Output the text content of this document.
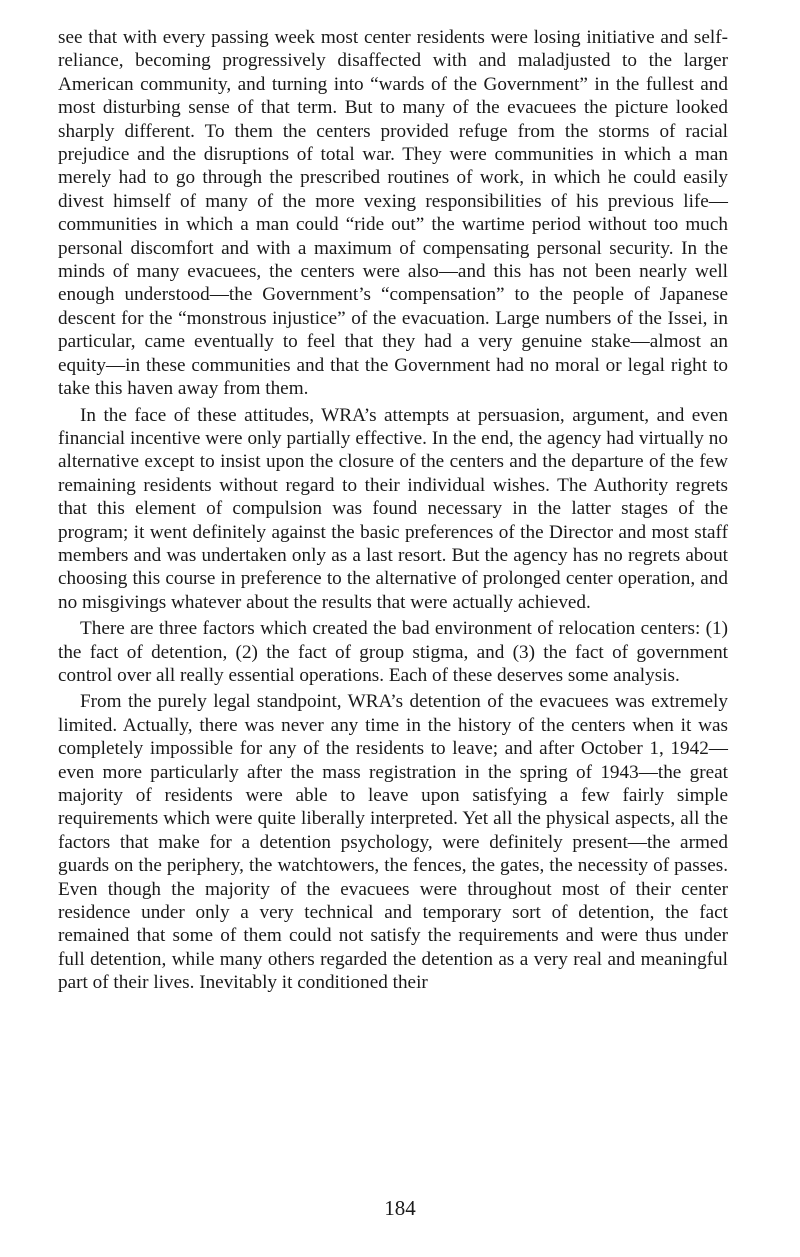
see that with every passing week most center residents were losing initiative and self-reliance, becoming progressively disaffected with and maladjusted to the larger American community, and turning into “wards of the Government” in the fullest and most disturbing sense of that term. But to many of the evacuees the picture looked sharply different. To them the centers provided refuge from the storms of racial prejudice and the disruptions of total war. They were communities in which a man merely had to go through the prescribed routines of work, in which he could easily divest himself of many of the more vexing responsibilities of his previous life—communities in which a man could “ride out” the wartime period without too much personal discomfort and with a maximum of compensating personal security. In the minds of many evacuees, the centers were also—and this has not been nearly well enough understood—the Government’s “compensation” to the people of Japanese descent for the “monstrous injustice” of the evacuation. Large numbers of the Issei, in particular, came eventually to feel that they had a very genuine stake—almost an equity—in these communities and that the Government had no moral or legal right to take this haven away from them.

In the face of these attitudes, WRA’s attempts at persuasion, argument, and even financial incentive were only partially effective. In the end, the agency had virtually no alternative except to insist upon the closure of the centers and the departure of the few remaining residents without regard to their individual wishes. The Authority regrets that this element of compulsion was found necessary in the latter stages of the program; it went definitely against the basic preferences of the Director and most staff members and was undertaken only as a last resort. But the agency has no regrets about choosing this course in preference to the alternative of prolonged center operation, and no misgivings whatever about the results that were actually achieved.

There are three factors which created the bad environment of relocation centers: (1) the fact of detention, (2) the fact of group stigma, and (3) the fact of government control over all really essential operations. Each of these deserves some analysis.

From the purely legal standpoint, WRA’s detention of the evacuees was extremely limited. Actually, there was never any time in the history of the centers when it was completely impossible for any of the residents to leave; and after October 1, 1942—even more particularly after the mass registration in the spring of 1943—the great majority of residents were able to leave upon satisfying a few fairly simple requirements which were quite liberally interpreted. Yet all the physical aspects, all the factors that make for a detention psychology, were definitely present—the armed guards on the periphery, the watchtowers, the fences, the gates, the necessity of passes. Even though the majority of the evacuees were throughout most of their center residence under only a very technical and temporary sort of detention, the fact remained that some of them could not satisfy the requirements and were thus under full detention, while many others regarded the detention as a very real and meaningful part of their lives. Inevitably it conditioned their

184
